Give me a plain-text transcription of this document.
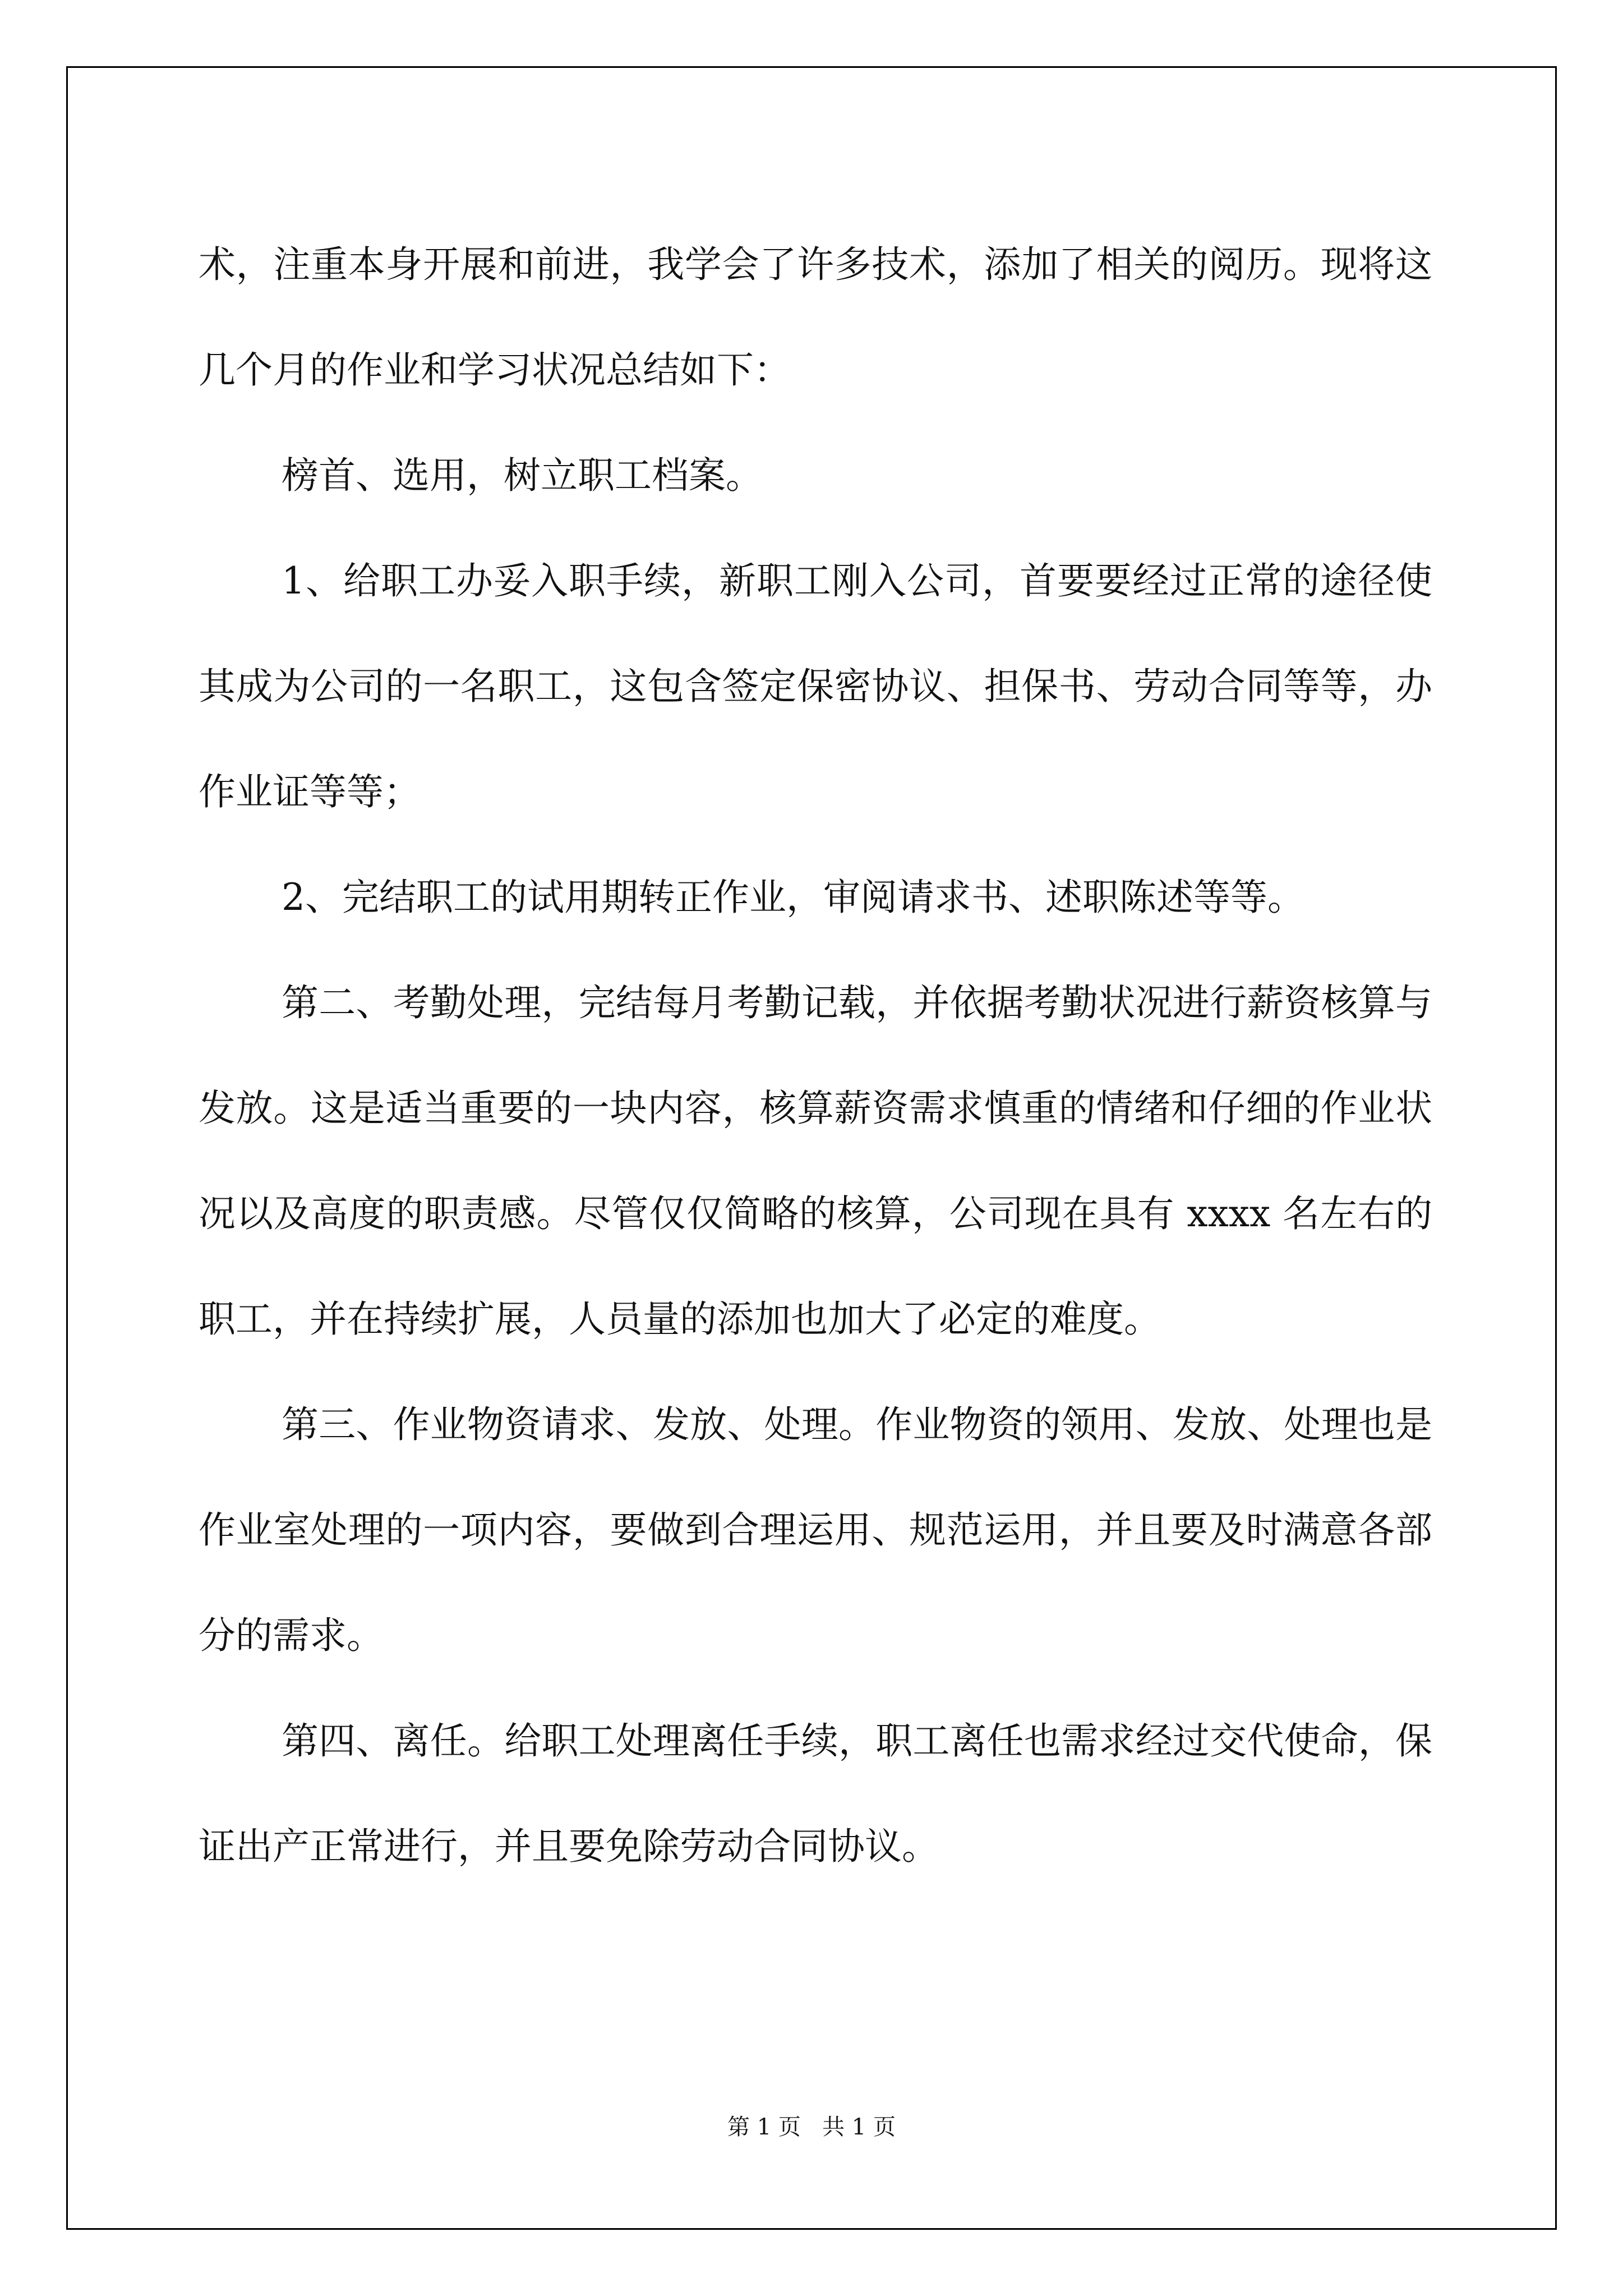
术，注重本身开展和前进，我学会了许多技术，添加了相关的阅历。现将这几个月的作业和学习状况总结如下：

榜首、选用，树立职工档案。

1、给职工办妥入职手续，新职工刚入公司，首要要经过正常的途径使其成为公司的一名职工，这包含签定保密协议、担保书、劳动合同等等，办作业证等等；

2、完结职工的试用期转正作业，审阅请求书、述职陈述等等。

第二、考勤处理，完结每月考勤记载，并依据考勤状况进行薪资核算与发放。这是适当重要的一块内容，核算薪资需求慎重的情绪和仔细的作业状况以及高度的职责感。尽管仅仅简略的核算，公司现在具有 xxxx 名左右的职工，并在持续扩展，人员量的添加也加大了必定的难度。

第三、作业物资请求、发放、处理。作业物资的领用、发放、处理也是作业室处理的一项内容，要做到合理运用、规范运用，并且要及时满意各部分的需求。

第四、离任。给职工处理离任手续，职工离任也需求经过交代使命，保证出产正常进行，并且要免除劳动合同协议。

第 1 页   共 1 页
